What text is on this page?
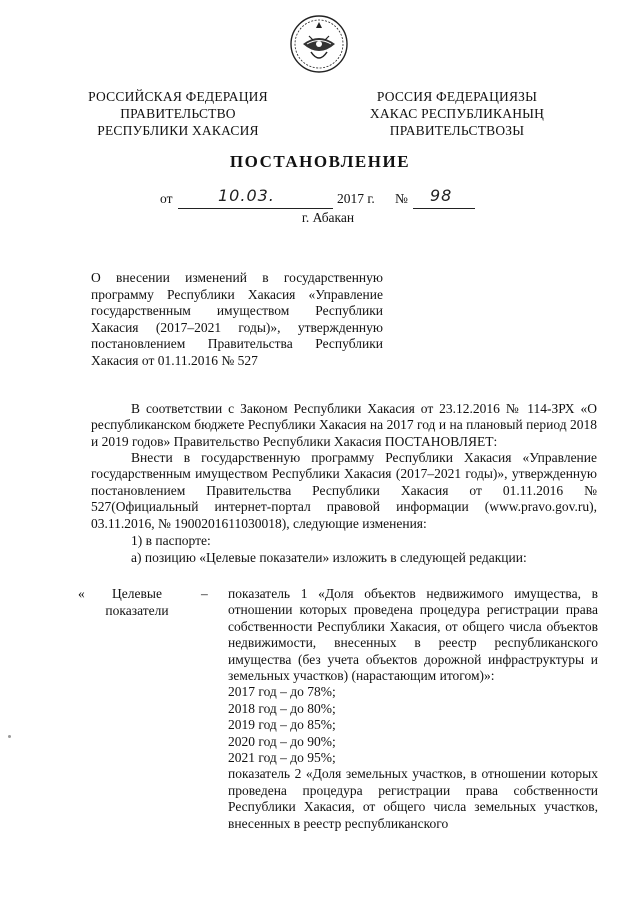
РОССИЙСКАЯ ФЕДЕРАЦИЯ
ПРАВИТЕЛЬСТВО
РЕСПУБЛИКИ ХАКАСИЯ
РОССИЯ ФЕДЕРАЦИЯЗЫ
ХАКАС РЕСПУБЛИКАНЫҢ
ПРАВИТЕЛЬСТВОЗЫ
ПОСТАНОВЛЕНИЕ
от	10.03.	2017 г. № 98
г. Абакан
О внесении изменений в государственную программу Республики Хакасия «Управление государственным имуществом Республики Хакасия (2017–2021 годы)», утвержденную постановлением Правительства Республики Хакасия от 01.11.2016 № 527
В соответствии с Законом Республики Хакасия от 23.12.2016 № 114-ЗРХ «О республиканском бюджете Республики Хакасия на 2017 год и на плановый период 2018 и 2019 годов» Правительство Республики Хакасия ПОСТАНОВЛЯЕТ:
Внести в государственную программу Республики Хакасия «Управление государственным имуществом Республики Хакасия (2017–2021 годы)», утвержденную постановлением Правительства Республики Хакасия от 01.11.2016 № 527(Официальный интернет-портал правовой информации (www.pravo.gov.ru), 03.11.2016, № 1900201611030018), следующие изменения:
1) в паспорте:
а) позицию «Целевые показатели» изложить в следующей редакции:
«	Целевые показатели
– показатель 1 «Доля объектов недвижимого имущества, в отношении которых проведена процедура регистрации права собственности Республики Хакасия, от общего числа объектов недвижимости, внесенных в реестр республиканского имущества (без учета объектов дорожной инфраструктуры и земельных участков) (нарастающим итогом)»:
2017 год – до 78%;
2018 год – до 80%;
2019 год – до 85%;
2020 год – до 90%;
2021 год – до 95%;
показатель 2 «Доля земельных участков, в отношении которых проведена процедура регистрации права собственности Республики Хакасия, от общего числа земельных участков, внесенных в реестр республиканского
